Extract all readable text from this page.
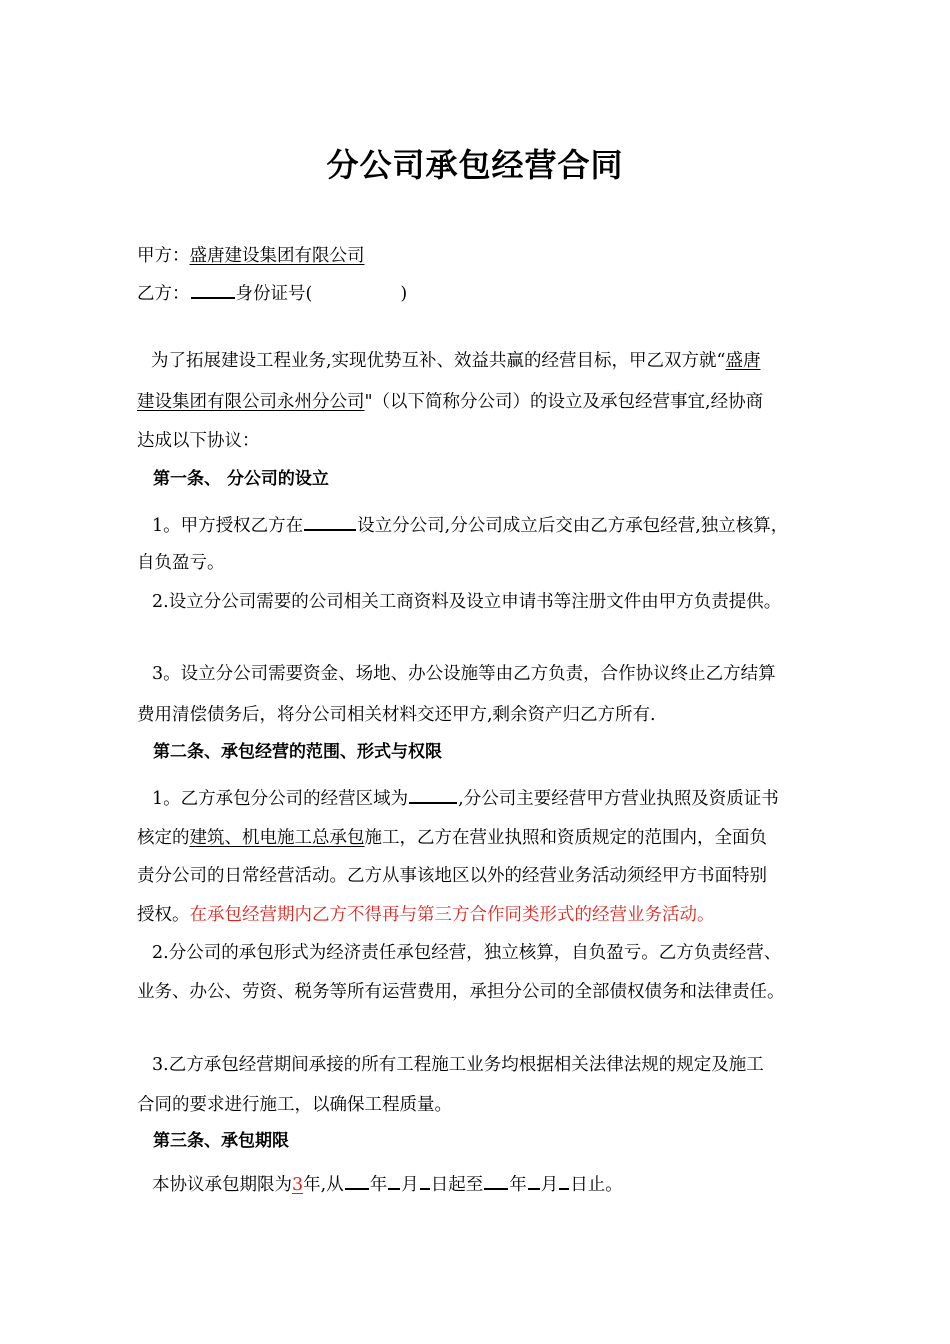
分公司承包经营合同
甲方：盛唐建设集团有限公司
乙方：	身份证号(	)
为了拓展建设工程业务,实现优势互补、效益共赢的经营目标，甲乙双方就“盛唐
建设集团有限公司永州分公司"（以下简称分公司）的设立及承包经营事宜,经协商
达成以下协议：
第一条、 分公司的设立
1。甲方授权乙方在	设立分公司,分公司成立后交由乙方承包经营,独立核算，
自负盈亏。
2.设立分公司需要的公司相关工商资料及设立申请书等注册文件由甲方负责提供。
3。设立分公司需要资金、场地、办公设施等由乙方负责，合作协议终止乙方结算
费用清偿债务后，将分公司相关材料交还甲方,剩余资产归乙方所有.
第二条、承包经营的范围、形式与权限
1。乙方承包分公司的经营区域为	,分公司主要经营甲方营业执照及资质证书
核定的建筑、机电施工总承包施工，乙方在营业执照和资质规定的范围内，全面负
责分公司的日常经营活动。乙方从事该地区以外的经营业务活动须经甲方书面特别
授权。在承包经营期内乙方不得再与第三方合作同类形式的经营业务活动。
2.分公司的承包形式为经济责任承包经营，独立核算，自负盈亏。乙方负责经营、
业务、办公、劳资、税务等所有运营费用，承担分公司的全部债权债务和法律责任。
3.乙方承包经营期间承接的所有工程施工业务均根据相关法律法规的规定及施工
合同的要求进行施工，以确保工程质量。
第三条、承包期限
本协议承包期限为3年,从 年 月 日起至 年 月 日止。
